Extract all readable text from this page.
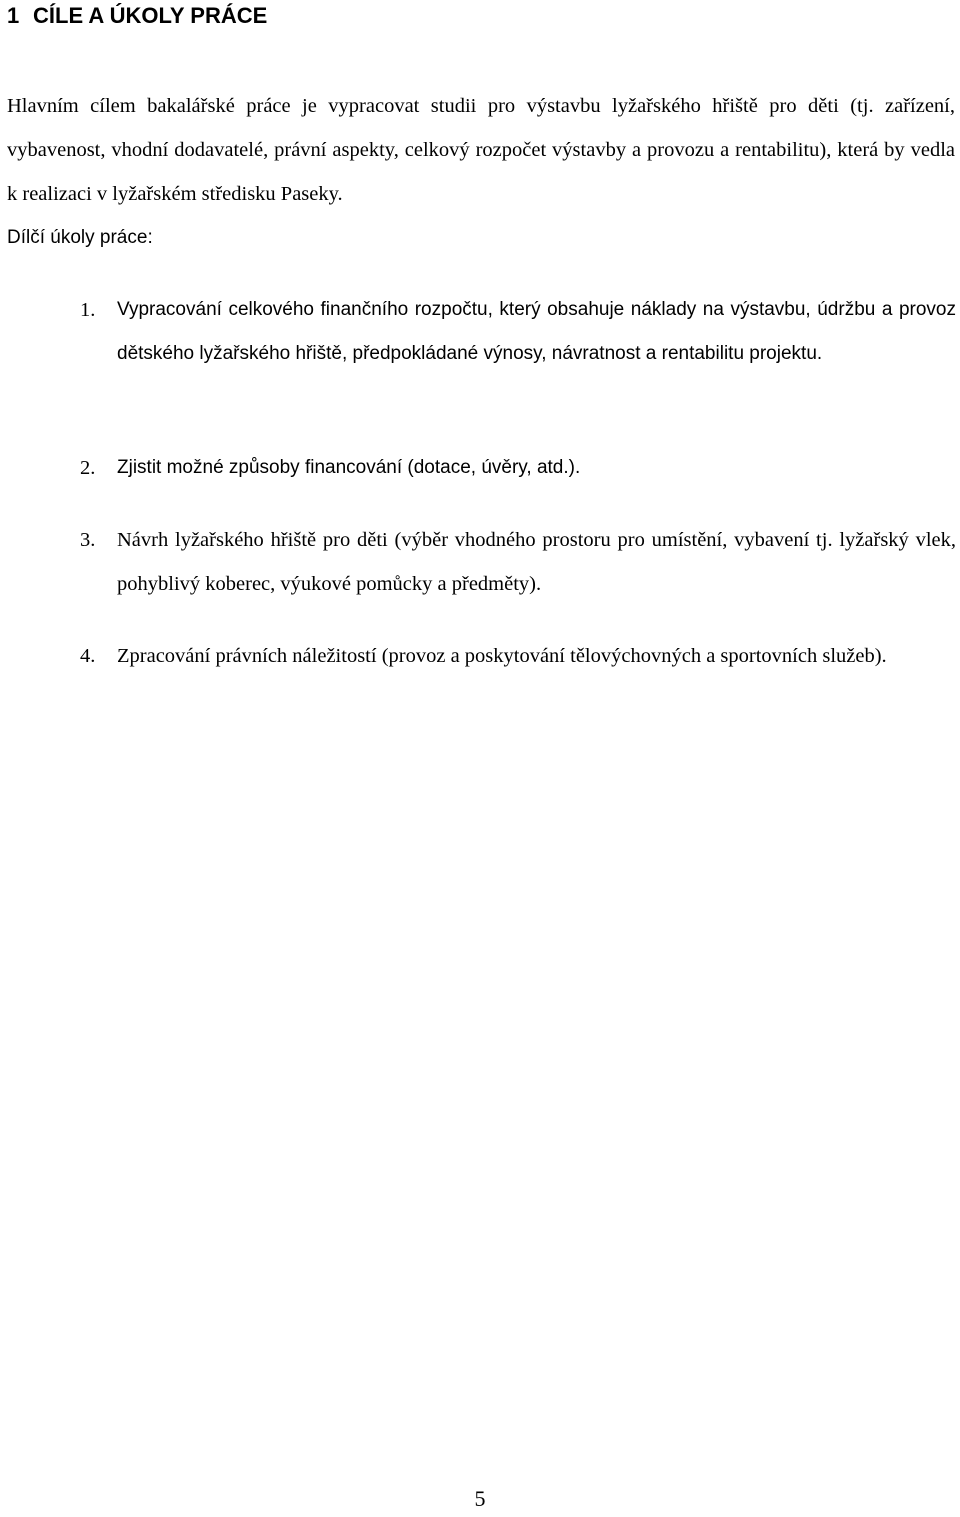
1 CÍLE A ÚKOLY PRÁCE

Hlavním cílem bakalářské práce je vypracovat studii pro výstavbu lyžařského hřiště pro děti (tj. zařízení, vybavenost, vhodní dodavatelé, právní aspekty, celkový rozpočet výstavby a provozu a rentabilitu), která by vedla k realizaci v lyžařském středisku Paseky.

Dílčí úkoly práce:

1. Vypracování celkového finančního rozpočtu, který obsahuje náklady na výstavbu, údržbu a provoz dětského lyžařského hřiště, předpokládané výnosy, návratnost a rentabilitu projektu.
2. Zjistit možné způsoby financování (dotace, úvěry, atd.).
3. Návrh lyžařského hřiště pro děti (výběr vhodného prostoru pro umístění, vybavení tj. lyžařský vlek, pohyblivý koberec, výukové pomůcky a předměty).
4. Zpracování právních náležitostí (provoz a poskytování tělovýchovných a sportovních služeb).
5
